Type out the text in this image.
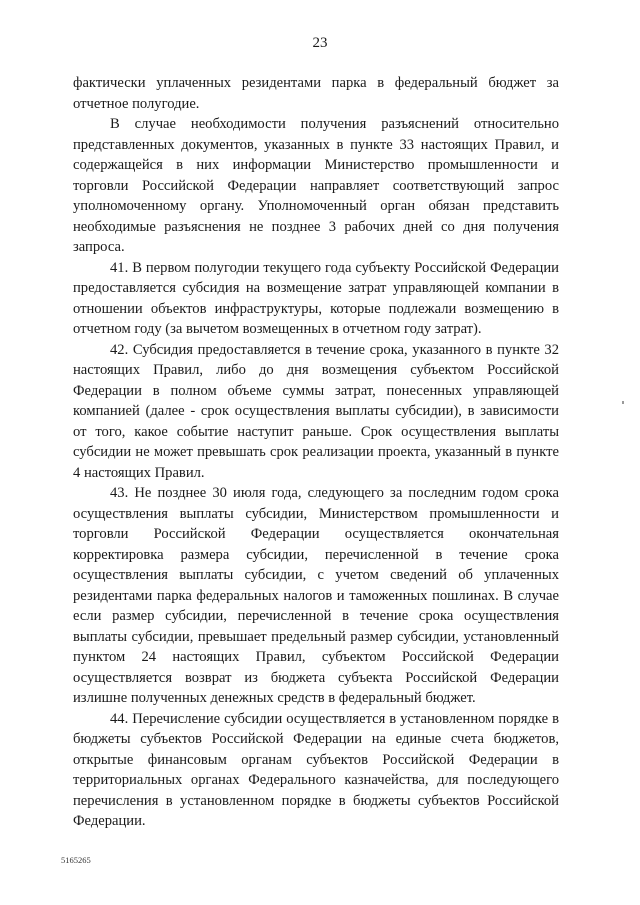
23

фактически уплаченных резидентами парка в федеральный бюджет за отчетное полугодие.

В случае необходимости получения разъяснений относительно представленных документов, указанных в пункте 33 настоящих Правил, и содержащейся в них информации Министерство промышленности и торговли Российской Федерации направляет соответствующий запрос уполномоченному органу. Уполномоченный орган обязан представить необходимые разъяснения не позднее 3 рабочих дней со дня получения запроса.

41. В первом полугодии текущего года субъекту Российской Федерации предоставляется субсидия на возмещение затрат управляющей компании в отношении объектов инфраструктуры, которые подлежали возмещению в отчетном году (за вычетом возмещенных в отчетном году затрат).

42. Субсидия предоставляется в течение срока, указанного в пункте 32 настоящих Правил, либо до дня возмещения субъектом Российской Федерации в полном объеме суммы затрат, понесенных управляющей компанией (далее - срок осуществления выплаты субсидии), в зависимости от того, какое событие наступит раньше. Срок осуществления выплаты субсидии не может превышать срок реализации проекта, указанный в пункте 4 настоящих Правил.

43. Не позднее 30 июля года, следующего за последним годом срока осуществления выплаты субсидии, Министерством промышленности и торговли Российской Федерации осуществляется окончательная корректировка размера субсидии, перечисленной в течение срока осуществления выплаты субсидии, с учетом сведений об уплаченных резидентами парка федеральных налогов и таможенных пошлинах. В случае если размер субсидии, перечисленной в течение срока осуществления выплаты субсидии, превышает предельный размер субсидии, установленный пунктом 24 настоящих Правил, субъектом Российской Федерации осуществляется возврат из бюджета субъекта Российской Федерации излишне полученных денежных средств в федеральный бюджет.

44. Перечисление субсидии осуществляется в установленном порядке в бюджеты субъектов Российской Федерации на единые счета бюджетов, открытые финансовым органам субъектов Российской Федерации в территориальных органах Федерального казначейства, для последующего перечисления в установленном порядке в бюджеты субъектов Российской Федерации.

5165265
